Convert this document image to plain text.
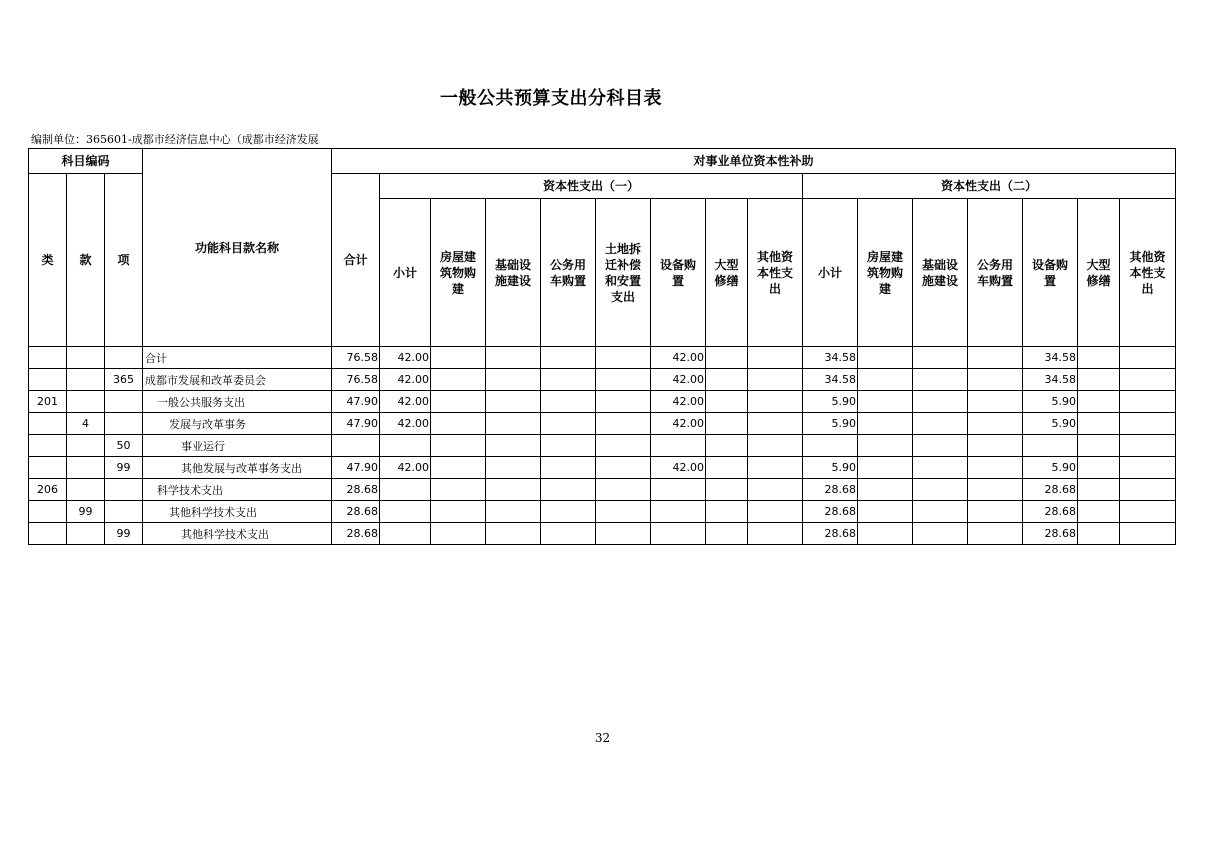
一般公共预算支出分科目表
编制单位：365601-成都市经济信息中心（成都市经济发展
科目编码			功能科目款名称	对事业单位资本性补助															
类	款	项		合计	资本性支出（一）								资本性支出（二）						
					小计	房屋建筑物购建	基础设施建设	公务用车购置	土地拆迁补偿和安置支出	设备购置	大型修缮	其他资本性支出	小计	房屋建筑物购建	基础设施建设	公务用车购置	设备购置	大型修缮	其他资本性支出
			合计	76.58	42.00					42.00			34.58				34.58		
		365	成都市发展和改革委员会	76.58	42.00					42.00			34.58				34.58		
201			一般公共服务支出	47.90	42.00					42.00			5.90				5.90		
	4		发展与改革事务	47.90	42.00					42.00			5.90				5.90		
		50	事业运行																
		99	其他发展与改革事务支出	47.90	42.00					42.00			5.90				5.90		
206			科学技术支出	28.68									28.68				28.68		
	99		其他科学技术支出	28.68									28.68				28.68		
		99	其他科学技术支出	28.68									28.68				28.68		
32
